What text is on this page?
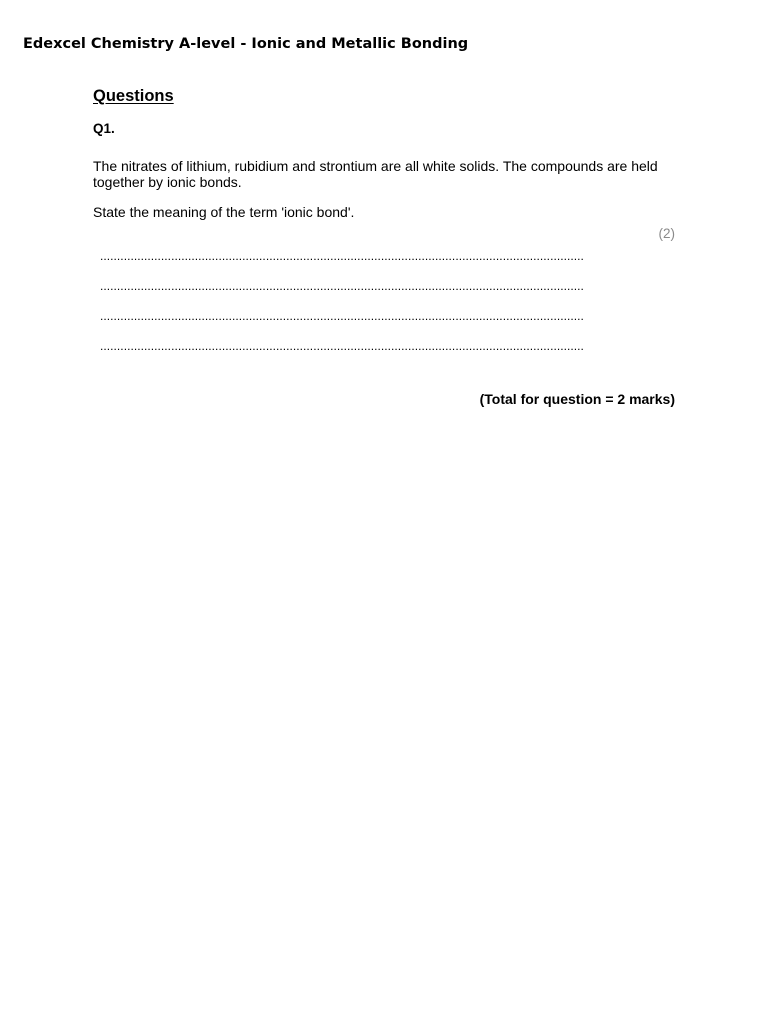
Edexcel Chemistry A-level - Ionic and Metallic Bonding
Questions
Q1.
The nitrates of lithium, rubidium and strontium are all white solids. The compounds are held together by ionic bonds.
State the meaning of the term 'ionic bond'.
(2)
...............................................................................................................................................
...............................................................................................................................................
...............................................................................................................................................
...............................................................................................................................................
(Total for question = 2 marks)
